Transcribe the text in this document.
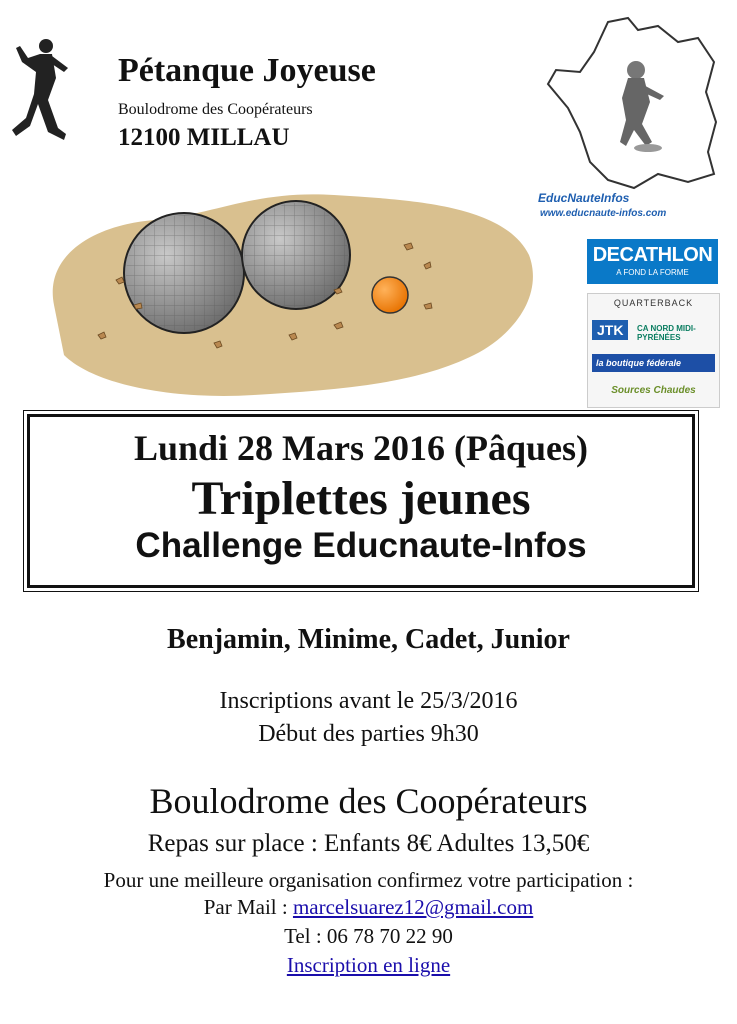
Pétanque Joyeuse
Boulodrome des Coopérateurs
12100 MILLAU
EducNauteInfos
www.educnaute-infos.com
DECATHLON
A FOND LA FORME
QUARTERBACK
JTK CA NORD MIDI-PYRÉNÉES
la boutique fédérale
Sources Chaudes
Lundi 28 Mars 2016 (Pâques)
Triplettes jeunes
Challenge Educnaute-Infos
Benjamin, Minime, Cadet, Junior
Inscriptions avant le 25/3/2016
Début des parties 9h30
Boulodrome des Coopérateurs
Repas sur place : Enfants 8€ Adultes 13,50€
Pour une meilleure organisation confirmez votre participation :
Par Mail : marcelsuarez12@gmail.com
Tel : 06 78 70 22 90
Inscription en ligne
